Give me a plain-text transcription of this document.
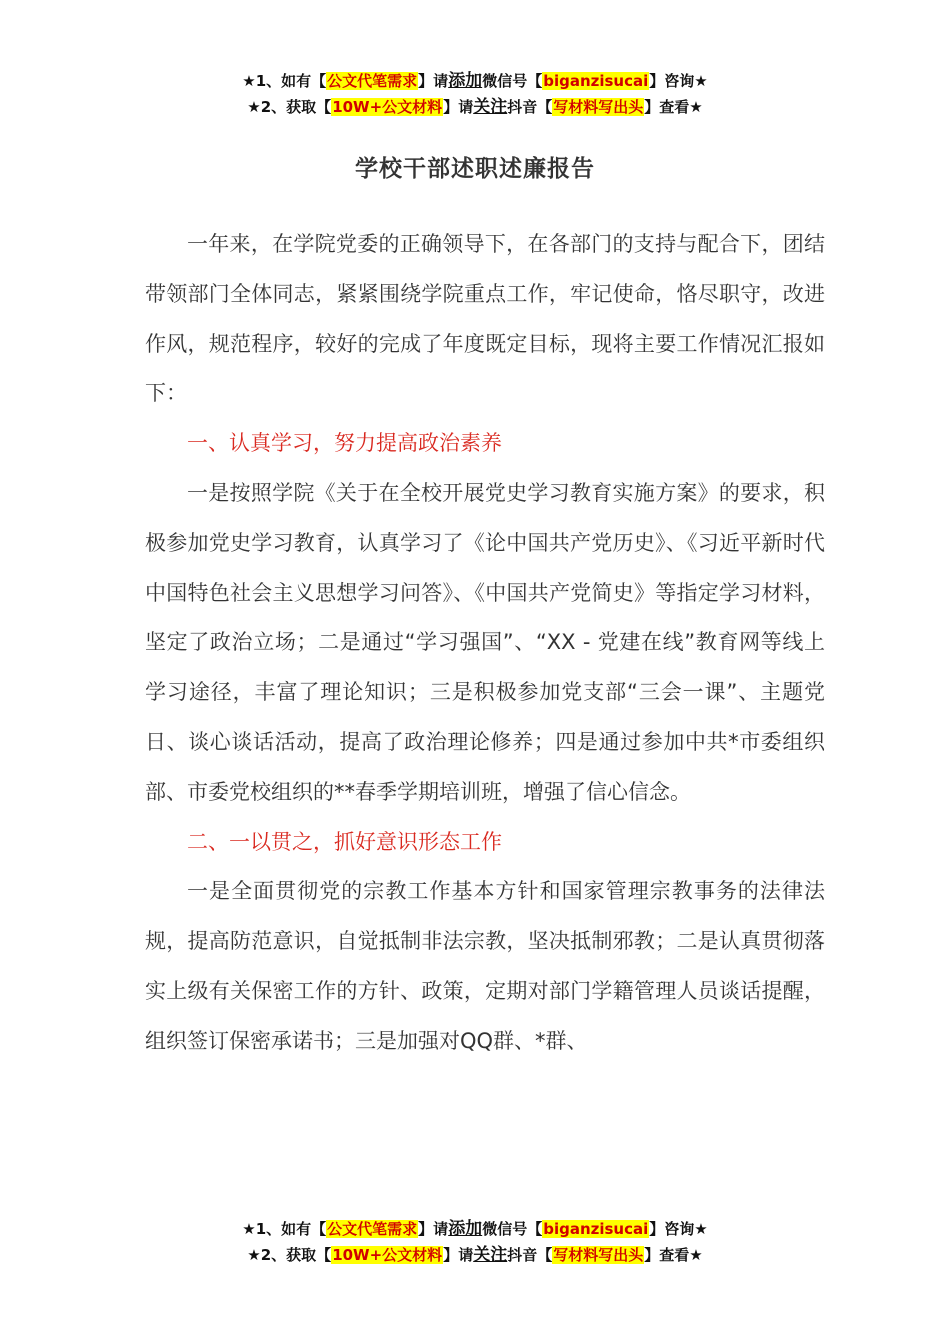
★1、如有【公文代笔需求】请添加微信号【biganzisucai】咨询★
★2、获取【10W+公文材料】请关注抖音【写材料写出头】查看★
学校干部述职述廉报告

一年来，在学院党委的正确领导下，在各部门的支持与配合下，团结带领部门全体同志，紧紧围绕学院重点工作，牢记使命，恪尽职守，改进作风，规范程序，较好的完成了年度既定目标，现将主要工作情况汇报如下：

一、认真学习，努力提高政治素养

一是按照学院《关于在全校开展党史学习教育实施方案》的要求，积极参加党史学习教育，认真学习了《论中国共产党历史》、《习近平新时代中国特色社会主义思想学习问答》、《中国共产党简史》等指定学习材料，坚定了政治立场；二是通过“学习强国”、“XX - 党建在线”教育网等线上学习途径，丰富了理论知识；三是积极参加党支部“三会一课”、主题党日、谈心谈话活动，提高了政治理论修养；四是通过参加中共*市委组织部、市委党校组织的**春季学期培训班，增强了信心信念。

二、一以贯之，抓好意识形态工作

一是全面贯彻党的宗教工作基本方针和国家管理宗教事务的法律法规，提高防范意识，自觉抵制非法宗教，坚决抵制邪教；二是认真贯彻落实上级有关保密工作的方针、政策，定期对部门学籍管理人员谈话提醒，组织签订保密承诺书；三是加强对QQ群、*群、

★1、如有【公文代笔需求】请添加微信号【biganzisucai】咨询★
★2、获取【10W+公文材料】请关注抖音【写材料写出头】查看★
